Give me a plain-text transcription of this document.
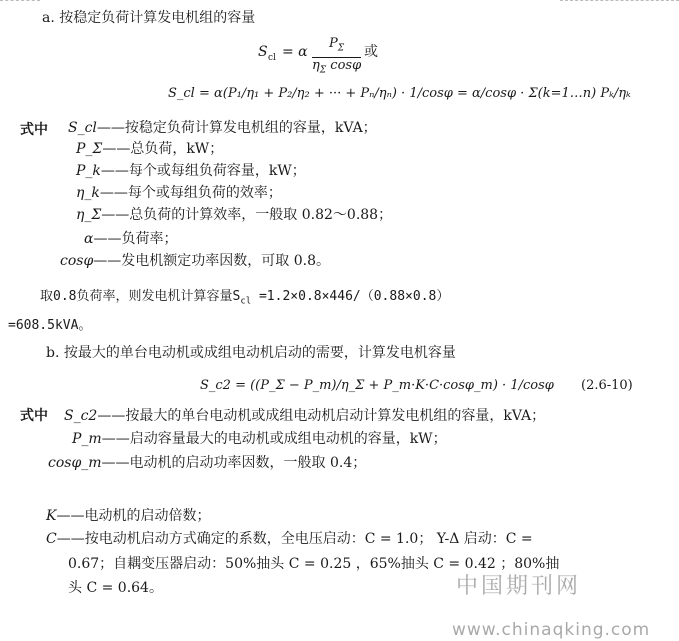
a. 按稳定负荷计算发电机组的容量
S cl = α $\frac{P_\Sigma}{\eta_\Sigma \cos\varphi}$ 或
S_cl = α(P₁/η₁ + P₂/η₂ + ··· + Pₙ/ηₙ) · 1/cosφ = α/cosφ · Σ(k=1…n) Pₖ/ηₖ
式中 S_cl——按稳定负荷计算发电机组的容量，kVA；
P_Σ——总负荷，kW；
P_k——每个或每组负荷容量，kW；
η_k——每个或每组负荷的效率；
η_Σ——总负荷的计算效率，一般取 0.82～0.88；
α——负荷率；
cosφ——发电机额定功率因数，可取 0.8。
取0.8负荷率，则发电机计算容量$S_{cl} =1.2\times 0.8\times 446/(0.88\times 0.8)$
=608.5kVA。
b. 按最大的单台电动机或成组电动机启动的需要，计算发电机容量
S_c2 = ((P_Σ − P_m)/η_Σ + P_m·K·C·cosφ_m) · 1/cosφ (2.6-10)
式中 S_c2——按最大的单台电动机或成组电动机启动计算发电机组的容量，kVA；
P_m——启动容量最大的电动机或成组电动机的容量，kW；
cosφ_m——电动机的启动功率因数，一般取 0.4；
K——电动机的启动倍数；
C——按电动机启动方式确定的系数，全电压启动：C = 1.0； Y-Δ 启动：C =
0.67；自耦变压器启动：50%抽头 C = 0.25 ，65%抽头 C = 0.42 ；80%抽
头 C = 0.64。	中国期刊网
www.chinaqking.com
